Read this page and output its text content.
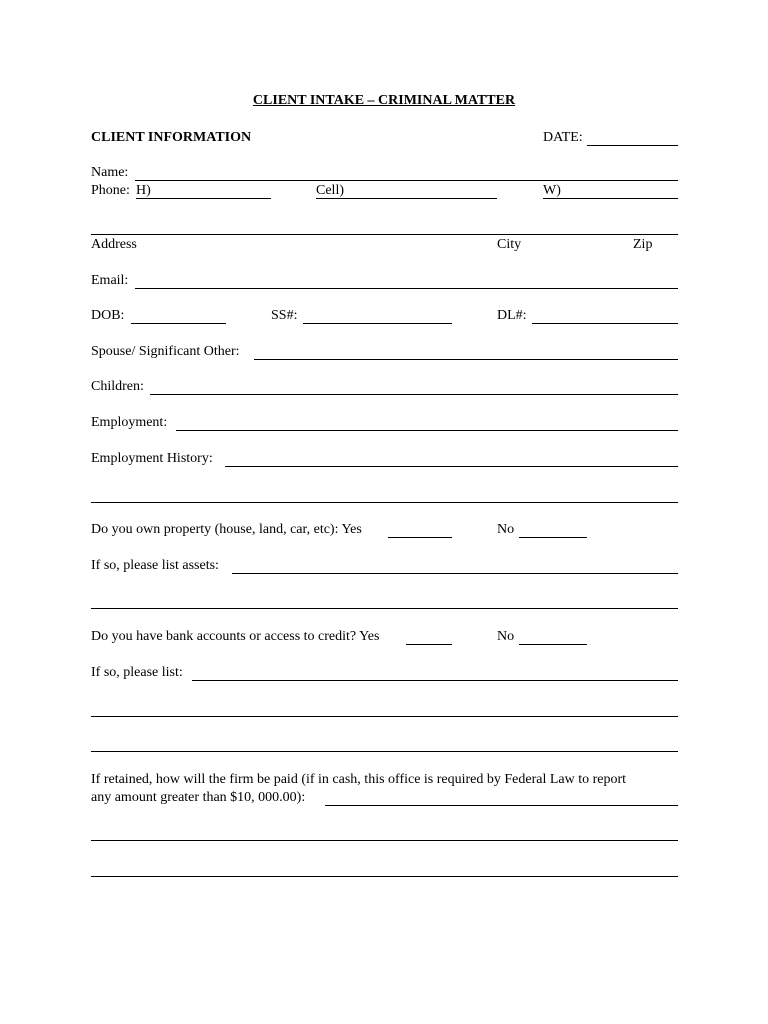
CLIENT INTAKE – CRIMINAL MATTER
CLIENT INFORMATION	DATE:
Name:
Phone: H)	Cell)	W)
Address	City	Zip
Email:
DOB:	SS#:	DL#:
Spouse/ Significant Other:
Children:
Employment:
Employment History:
Do you own property (house, land, car, etc): Yes	No
If so, please list assets:
Do you have bank accounts or access to credit? Yes	No
If so, please list:
If retained, how will the firm be paid (if in cash, this office is required by Federal Law to report
any amount greater than $10, 000.00):
